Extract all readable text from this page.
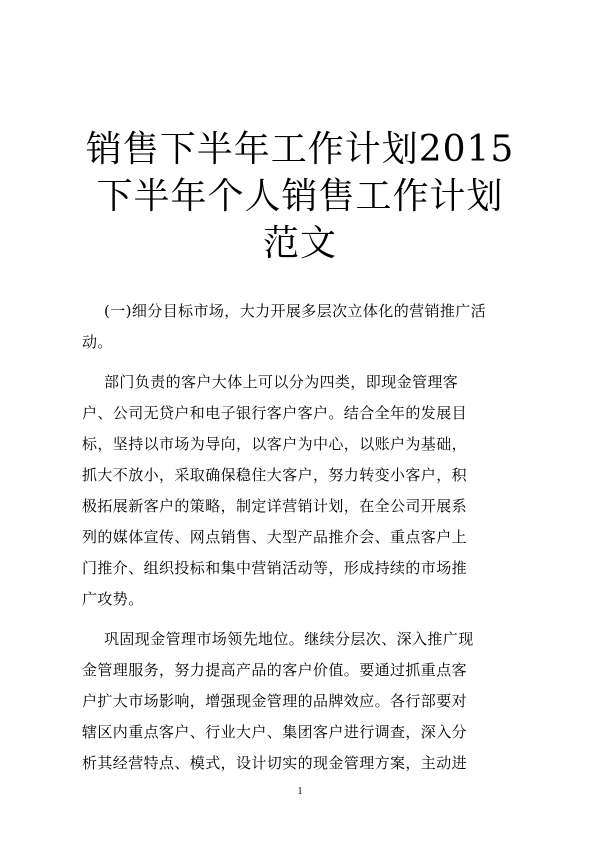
销售下半年工作计划2015
下半年个人销售工作计划
范文
(一)细分目标市场，大力开展多层次立体化的营销推广活
动。
部门负责的客户大体上可以分为四类，即现金管理客
户、公司无贷户和电子银行客户客户。结合全年的发展目
标，坚持以市场为导向，以客户为中心，以账户为基础，
抓大不放小，采取确保稳住大客户，努力转变小客户，积
极拓展新客户的策略，制定详营销计划，在全公司开展系
列的媒体宣传、网点销售、大型产品推介会、重点客户上
门推介、组织投标和集中营销活动等，形成持续的市场推
广攻势。
巩固现金管理市场领先地位。继续分层次、深入推广现
金管理服务，努力提高产品的客户价值。要通过抓重点客
户扩大市场影响，增强现金管理的品牌效应。各行部要对
辖区内重点客户、行业大户、集团客户进行调查，深入分
析其经营特点、模式，设计切实的现金管理方案，主动进
1
